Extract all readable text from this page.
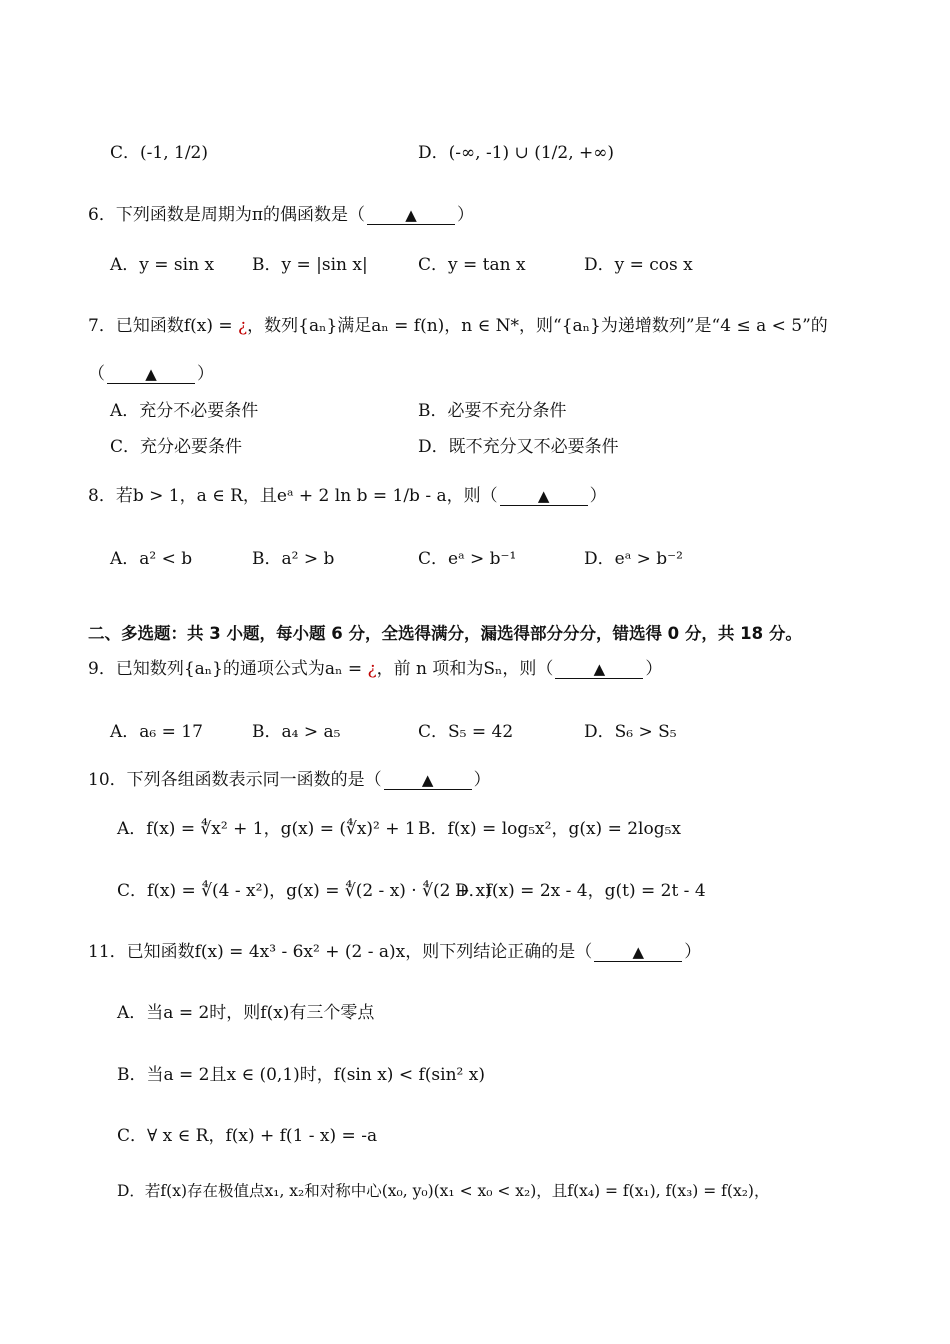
C．(-1, 1/2)	D．(-∞, -1) ∪ (1/2, +∞)
6．下列函数是周期为π的偶函数是（	▲ ）
A．y = sin x B．y = |sin x|	C．y = tan x	D．y = cos x
7．已知函数f(x) = ¿，数列{aₙ}满足aₙ = f(n)，n ∈ N*，则“{aₙ}为递增数列”是“4 ≤ a < 5”的
（	▲ ）
A．充分不必要条件	B．必要不充分条件
C．充分必要条件	D．既不充分又不必要条件
8．若b > 1，a ∈ R，且eᵃ + 2 ln b = 1/b - a，则（	▲ ）
A．a² < b	B．a² > b	C．eᵃ > b⁻¹	D．eᵃ > b⁻²
二、多选题：共 3 小题，每小题 6 分，全选得满分，漏选得部分分分，错选得 0 分，共 18 分。
9．已知数列{aₙ}的通项公式为aₙ = ¿，前 n 项和为Sₙ，则（	▲ ）
A．a₆ = 17	B．a₄ > a₅	C．S₅ = 42	D．S₆ > S₅
10．下列各组函数表示同一函数的是（	▲ ）
A．f(x) = ∜x² + 1，g(x) = (∜x)² + 1 B．f(x) = log₅x²，g(x) = 2log₅x
C．f(x) = ∜(4 - x²)，g(x) = ∜(2 - x) · ∜(2 + x)
D．f(x) = 2x - 4，g(t) = 2t - 4
11．已知函数f(x) = 4x³ - 6x² + (2 - a)x，则下列结论正确的是（	▲ ）
A．当a = 2时，则f(x)有三个零点
B．当a = 2且x ∈ (0,1)时，f(sin x) < f(sin² x)
C．∀ x ∈ R，f(x) + f(1 - x) = -a
D．若f(x)存在极值点x₁, x₂和对称中心(x₀, y₀)(x₁ < x₀ < x₂)，且f(x₄) = f(x₁), f(x₃) = f(x₂)，
